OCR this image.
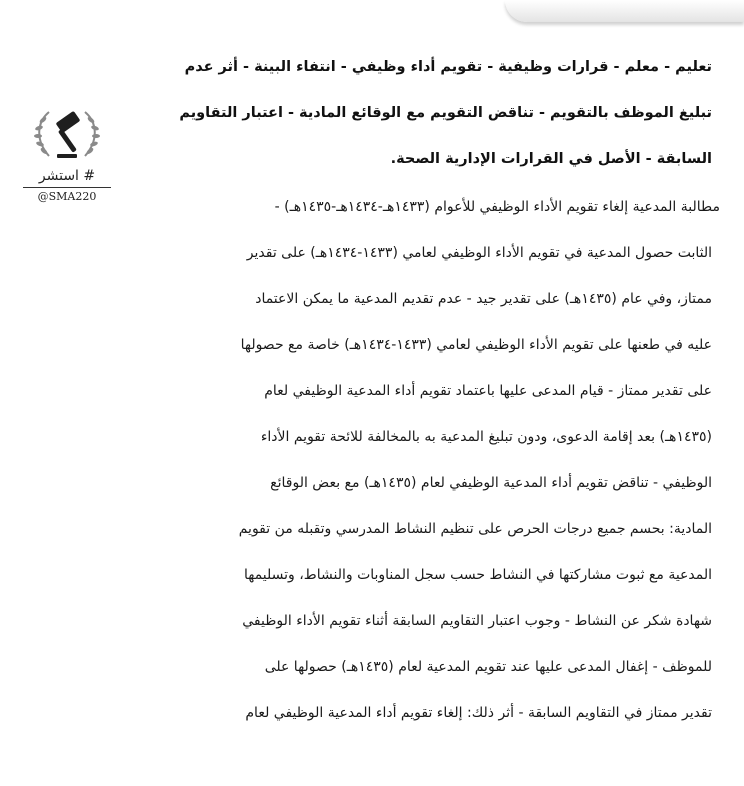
# استشر
@SMA220
تعليم - معلم - قرارات وظيفية - تقويم أداء وظيفي - انتفاء البينة - أثر عدم
تبليغ الموظف بالتقويم - تناقض التقويم مع الوقائع المادية - اعتبار التقاويم
السابقة - الأصل في القرارات الإدارية الصحة.
مطالبة المدعية إلغاء تقويم الأداء الوظيفي للأعوام (١٤٣٣هـ-١٤٣٤هـ-١٤٣٥هـ) -
الثابت حصول المدعية في تقويم الأداء الوظيفي لعامي (١٤٣٣-١٤٣٤هـ) على تقدير
ممتاز، وفي عام (١٤٣٥هـ) على تقدير جيد - عدم تقديم المدعية ما يمكن الاعتماد
عليه في طعنها على تقويم الأداء الوظيفي لعامي (١٤٣٣-١٤٣٤هـ) خاصة مع حصولها
على تقدير ممتاز - قيام المدعى عليها باعتماد تقويم أداء المدعية الوظيفي لعام
(١٤٣٥هـ) بعد إقامة الدعوى، ودون تبليغ المدعية به بالمخالفة للائحة تقويم الأداء
الوظيفي - تناقض تقويم أداء المدعية الوظيفي لعام (١٤٣٥هـ) مع بعض الوقائع
المادية: بحسم جميع درجات الحرص على تنظيم النشاط المدرسي وتقبله من تقويم
المدعية مع ثبوت مشاركتها في النشاط حسب سجل المناوبات والنشاط، وتسليمها
شهادة شكر عن النشاط - وجوب اعتبار التقاويم السابقة أثناء تقويم الأداء الوظيفي
للموظف - إغفال المدعى عليها عند تقويم المدعية لعام (١٤٣٥هـ) حصولها على
تقدير ممتاز في التقاويم السابقة - أثر ذلك: إلغاء تقويم أداء المدعية الوظيفي لعام
